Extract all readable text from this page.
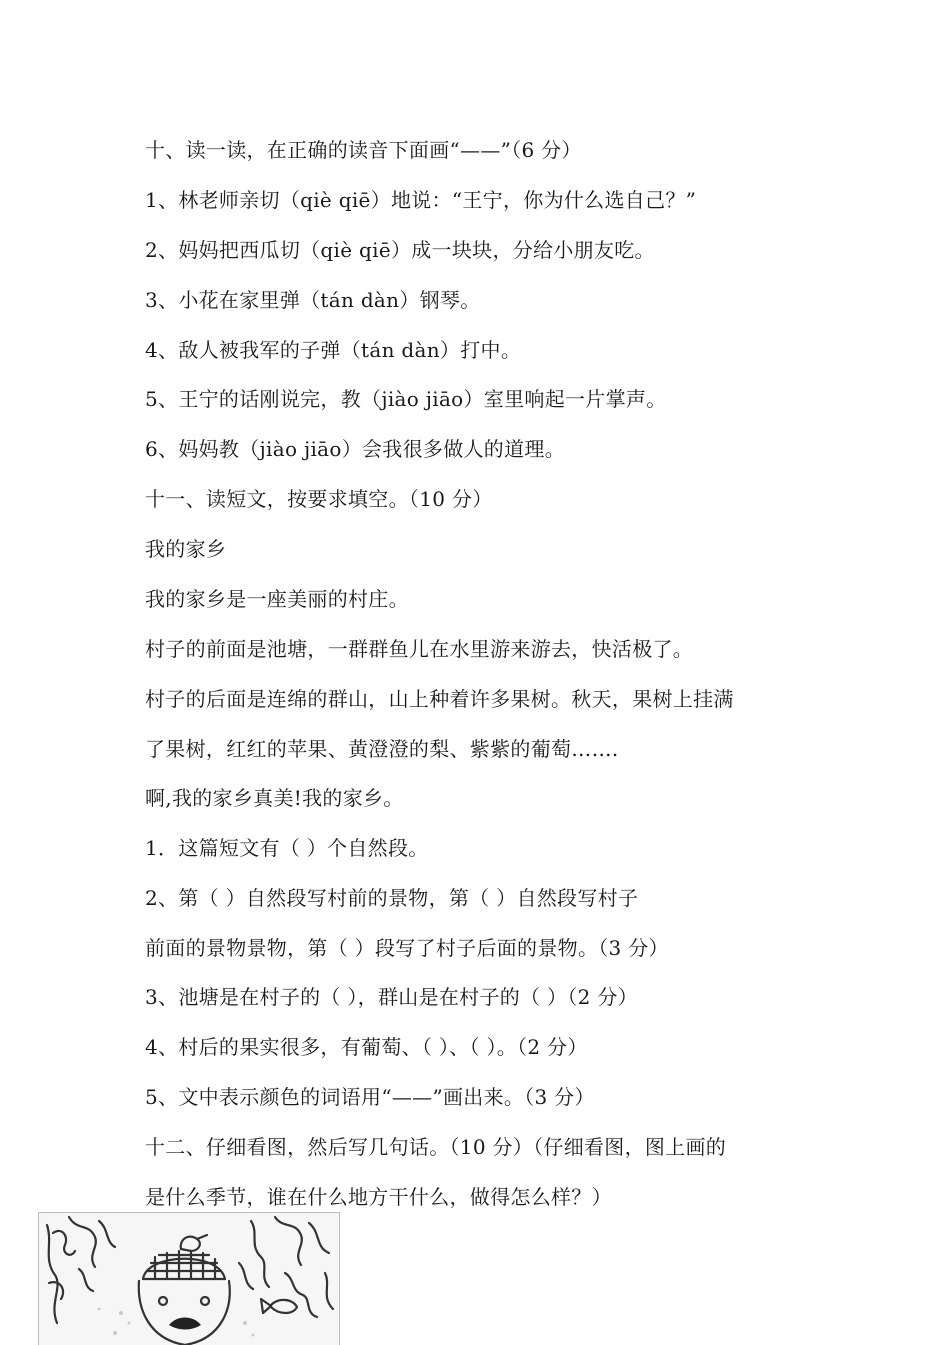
十、读一读，在正确的读音下面画“——”（6 分）
1、林老师亲切（qiè qiē）地说：“王宁，你为什么选自己？”
2、妈妈把西瓜切（qiè qiē）成一块块，分给小朋友吃。
3、小花在家里弹（tán dàn）钢琴。
4、敌人被我军的子弹（tán dàn）打中。
5、王宁的话刚说完，教（jiào jiāo）室里响起一片掌声。
6、妈妈教（jiào jiāo）会我很多做人的道理。
十一、读短文，按要求填空。（10 分）
我的家乡
我的家乡是一座美丽的村庄。
村子的前面是池塘，一群群鱼儿在水里游来游去，快活极了。
村子的后面是连绵的群山，山上种着许多果树。秋天，果树上挂满
了果树，红红的苹果、黄澄澄的梨、紫紫的葡萄…….
啊,我的家乡真美!我的家乡。
1．这篇短文有（ ）个自然段。
2、第（ ）自然段写村前的景物，第（ ）自然段写村子
前面的景物景物，第（ ）段写了村子后面的景物。（3 分）
3、池塘是在村子的（ ），群山是在村子的（ ）（2 分）
4、村后的果实很多，有葡萄、（ ）、（ ）。（2 分）
5、文中表示颜色的词语用“——”画出来。（3 分）
十二、仔细看图，然后写几句话。（10 分）（仔细看图，图上画的
是什么季节，谁在什么地方干什么，做得怎么样？）
